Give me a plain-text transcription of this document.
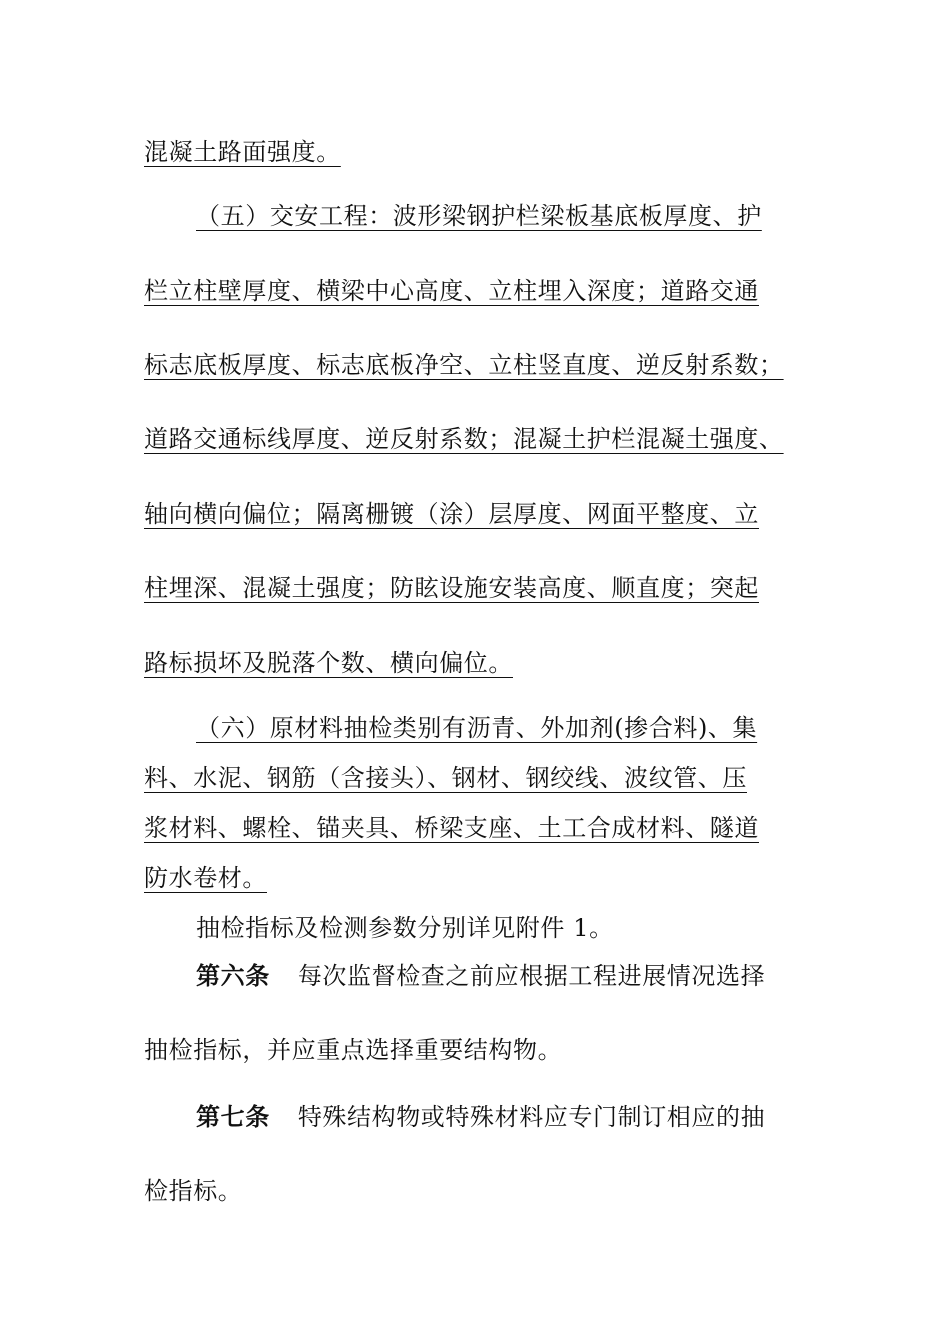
混凝土路面强度。
（五）交安工程：波形梁钢护栏梁板基底板厚度、护
栏立柱壁厚度、横梁中心高度、立柱埋入深度；道路交通
标志底板厚度、标志底板净空、立柱竖直度、逆反射系数；
道路交通标线厚度、逆反射系数；混凝土护栏混凝土强度、
轴向横向偏位；隔离栅镀（涂）层厚度、网面平整度、立
柱埋深、混凝土强度；防眩设施安装高度、顺直度；突起
路标损坏及脱落个数、横向偏位。
（六）原材料抽检类别有沥青、外加剂(掺合料)、集
料、水泥、钢筋（含接头）、钢材、钢绞线、波纹管、压
浆材料、螺栓、锚夹具、桥梁支座、土工合成材料、隧道
防水卷材。
抽检指标及检测参数分别详见附件 1。
第六条 每次监督检查之前应根据工程进展情况选择
抽检指标，并应重点选择重要结构物。
第七条 特殊结构物或特殊材料应专门制订相应的抽
检指标。
